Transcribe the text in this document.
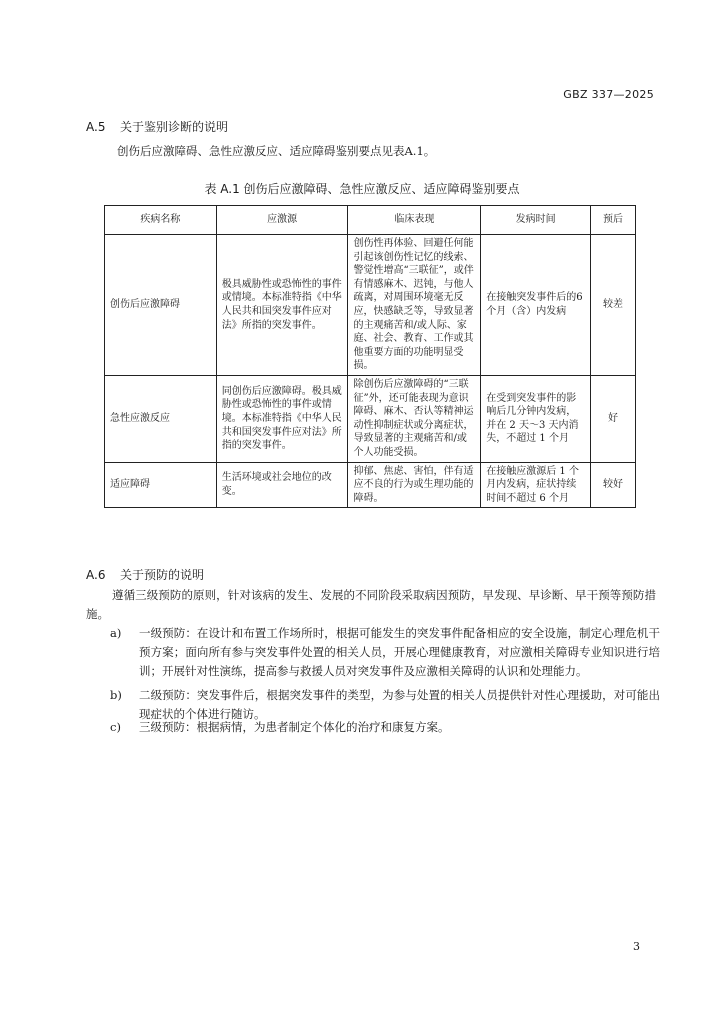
GBZ 337—2025
A.5 关于鉴别诊断的说明
创伤后应激障碍、急性应激反应、适应障碍鉴别要点见表A.1。
表 A.1 创伤后应激障碍、急性应激反应、适应障碍鉴别要点
疾病名称	应激源	临床表现	发病时间	预后
创伤后应激障碍	极具威胁性或恐怖性的事件或情境。本标准特指《中华人民共和国突发事件应对法》所指的突发事件。	创伤性再体验、回避任何能引起该创伤性记忆的线索、警觉性增高“三联征”，或伴有情感麻木、迟钝，与他人疏离，对周围环境毫无反应，快感缺乏等，导致显著的主观痛苦和/或人际、家庭、社会、教育、工作或其他重要方面的功能明显受损。	在接触突发事件后的6个月（含）内发病	较差
急性应激反应	同创伤后应激障碍。极具威胁性或恐怖性的事件或情境。本标准特指《中华人民共和国突发事件应对法》所指的突发事件。	除创伤后应激障碍的“三联征”外，还可能表现为意识障碍、麻木、否认等精神运动性抑制症状或分离症状，导致显著的主观痛苦和/或个人功能受损。	在受到突发事件的影响后几分钟内发病，并在 2 天～3 天内消失，不超过 1 个月	好
适应障碍	生活环境或社会地位的改变。	抑郁、焦虑、害怕，伴有适应不良的行为或生理功能的障碍。	在接触应激源后 1 个月内发病，症状持续时间不超过 6 个月	较好
A.6 关于预防的说明
遵循三级预防的原则，针对该病的发生、发展的不同阶段采取病因预防，早发现、早诊断、早干预等预防措施。
a) 一级预防：在设计和布置工作场所时，根据可能发生的突发事件配备相应的安全设施，制定心理危机干预方案；面向所有参与突发事件处置的相关人员，开展心理健康教育，对应激相关障碍专业知识进行培训；开展针对性演练，提高参与救援人员对突发事件及应激相关障碍的认识和处理能力。
b) 二级预防：突发事件后，根据突发事件的类型，为参与处置的相关人员提供针对性心理援助，对可能出现症状的个体进行随访。
c) 三级预防：根据病情，为患者制定个体化的治疗和康复方案。
3
